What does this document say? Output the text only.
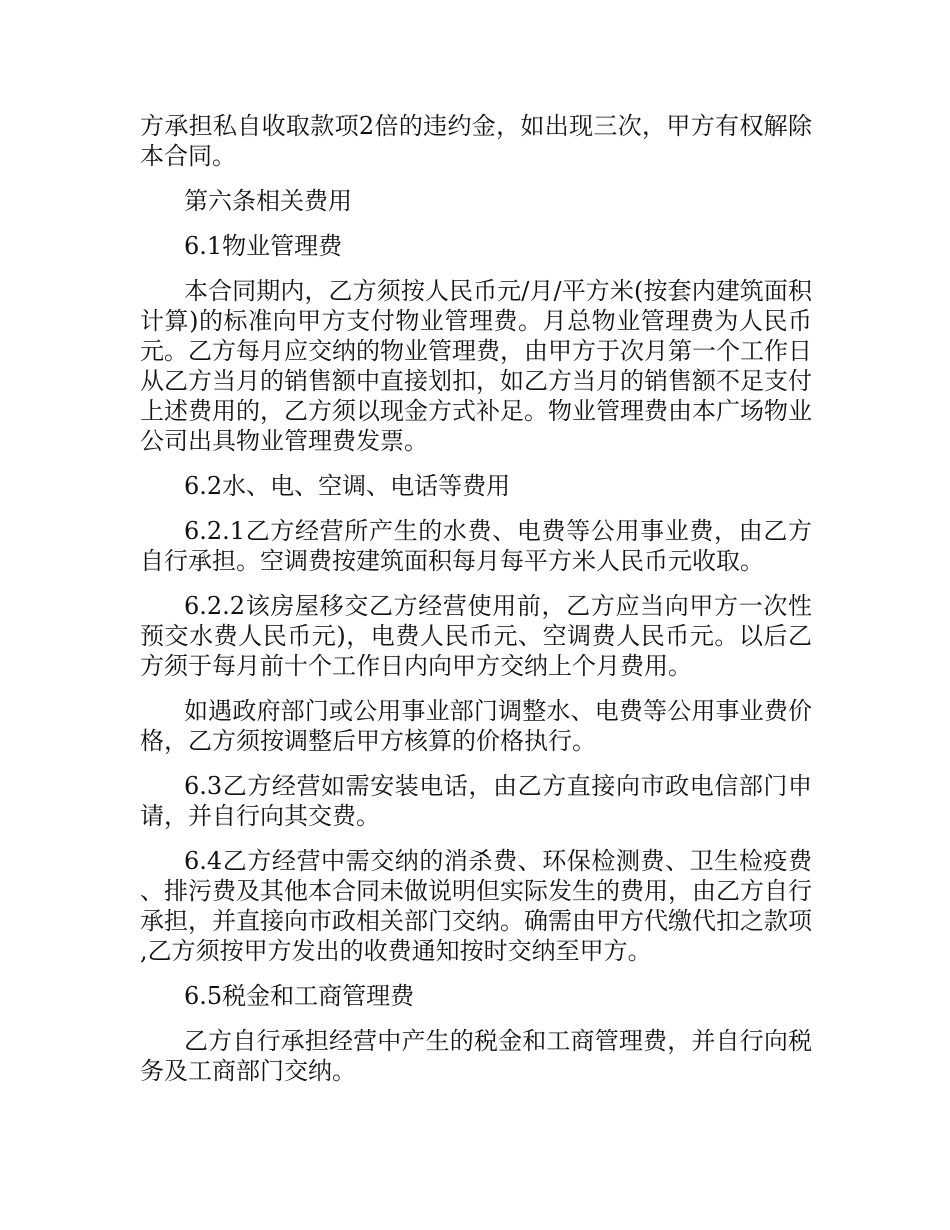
方承担私自收取款项2倍的违约金，如出现三次，甲方有权解除本合同。

第六条相关费用

6.1物业管理费

本合同期内，乙方须按人民币元/月/平方米(按套内建筑面积计算)的标准向甲方支付物业管理费。月总物业管理费为人民币元。乙方每月应交纳的物业管理费，由甲方于次月第一个工作日从乙方当月的销售额中直接划扣，如乙方当月的销售额不足支付上述费用的，乙方须以现金方式补足。物业管理费由本广场物业公司出具物业管理费发票。

6.2水、电、空调、电话等费用

6.2.1乙方经营所产生的水费、电费等公用事业费，由乙方自行承担。空调费按建筑面积每月每平方米人民币元收取。

6.2.2该房屋移交乙方经营使用前，乙方应当向甲方一次性预交水费人民币元)，电费人民币元、空调费人民币元。以后乙方须于每月前十个工作日内向甲方交纳上个月费用。

如遇政府部门或公用事业部门调整水、电费等公用事业费价格，乙方须按调整后甲方核算的价格执行。

6.3乙方经营如需安装电话，由乙方直接向市政电信部门申请，并自行向其交费。

6.4乙方经营中需交纳的消杀费、环保检测费、卫生检疫费、排污费及其他本合同未做说明但实际发生的费用，由乙方自行承担，并直接向市政相关部门交纳。确需由甲方代缴代扣之款项,乙方须按甲方发出的收费通知按时交纳至甲方。

6.5税金和工商管理费

乙方自行承担经营中产生的税金和工商管理费，并自行向税务及工商部门交纳。
